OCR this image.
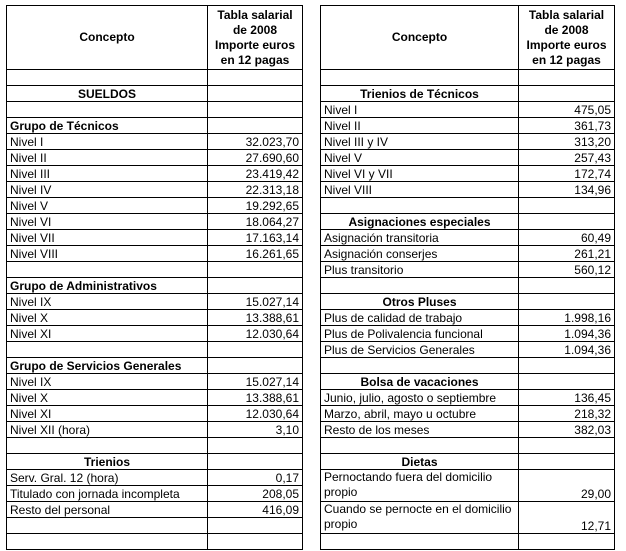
Concepto	Tabla salarial
de 2008
Importe euros
en 12 pagas

SUELDOS	

Grupo de Técnicos	
Nivel I	32.023,70
Nivel II	27.690,60
Nivel III	23.419,42
Nivel IV	22.313,18
Nivel V	19.292,65
Nivel VI	18.064,27
Nivel VII	17.163,14
Nivel VIII	16.261,65

Grupo de Administrativos	
Nivel IX	15.027,14
Nivel X	13.388,61
Nivel XI	12.030,64

Grupo de Servicios Generales	
Nivel IX	15.027,14
Nivel X	13.388,61
Nivel XI	12.030,64
Nivel XII (hora)	3,10

Trienios	
Serv. Gral. 12 (hora)	0,17
Titulado con jornada incompleta	208,05
Resto del personal	416,09

Concepto	Tabla salarial
de 2008
Importe euros
en 12 pagas

Trienios de Técnicos	
Nivel I	475,05
Nivel II	361,73
Nivel III y IV	313,20
Nivel V	257,43
Nivel VI y VII	172,74
Nivel VIII	134,96

Asignaciones especiales	
Asignación transitoria	60,49
Asignación conserjes	261,21
Plus transitorio	560,12

Otros Pluses	
Plus de calidad de trabajo	1.998,16
Plus de Polivalencia funcional	1.094,36
Plus de Servicios Generales	1.094,36

Bolsa de vacaciones	
Junio, julio, agosto o septiembre	136,45
Marzo, abril, mayo u octubre	218,32
Resto de los meses	382,03

Dietas	
Pernoctando fuera del domicilio propio	29,00
Cuando se pernocte en el domicilio propio	12,71
